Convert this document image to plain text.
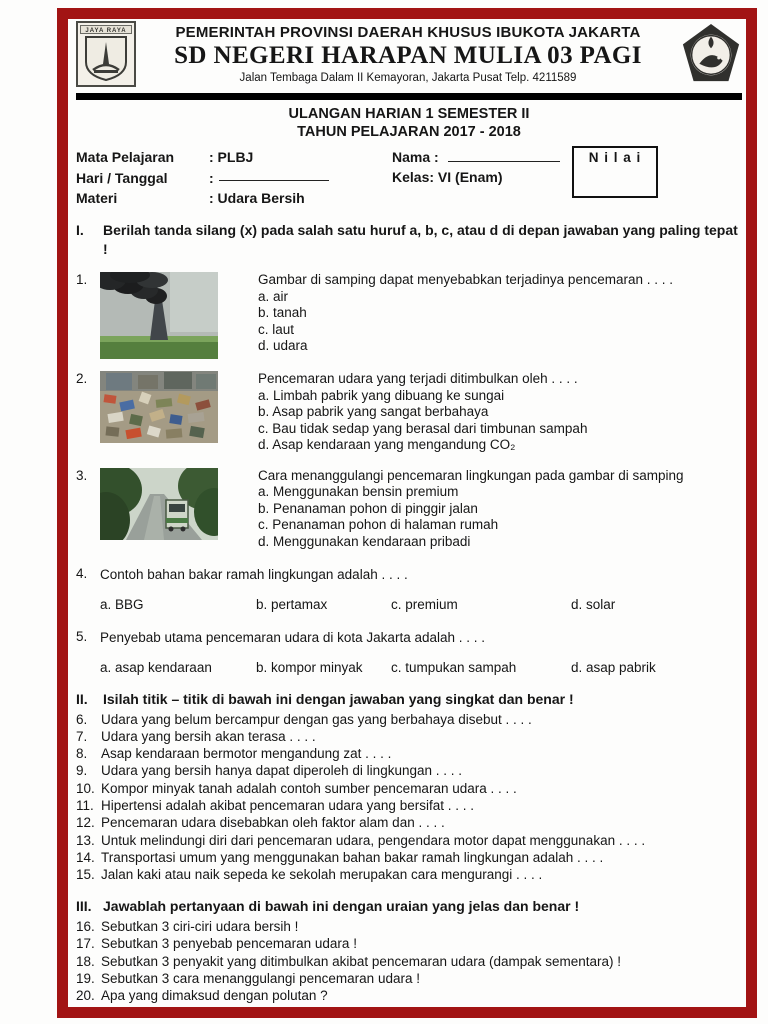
JAYA RAYA	PEMERINTAH PROVINSI DAERAH KHUSUS IBUKOTA JAKARTA
SD NEGERI HARAPAN MULIA 03 PAGI
Jalan Tembaga Dalam II Kemayoran, Jakarta Pusat Telp. 4211589
ULANGAN HARIAN 1 SEMESTER II
TAHUN PELAJARAN 2017 - 2018
Mata Pelajaran	: PLBJ
Hari / Tanggal	:
Materi	: Udara Bersih
Nama :
Kelas: VI (Enam)
N i l a i
I.	Berilah tanda silang (x) pada salah satu huruf a, b, c, atau d di depan jawaban yang paling tepat !
1.	Gambar di samping dapat menyebabkan terjadinya pencemaran . . . .
a. air
b. tanah
c. laut
d. udara
2.	Pencemaran udara yang terjadi ditimbulkan oleh . . . .
a. Limbah pabrik yang dibuang ke sungai
b. Asap pabrik yang sangat berbahaya
c. Bau tidak sedap yang berasal dari timbunan sampah
d. Asap kendaraan yang mengandung CO₂
3.	Cara menanggulangi pencemaran lingkungan pada gambar di samping
a. Menggunakan bensin premium
b. Penanaman pohon di pinggir jalan
c. Penanaman pohon di halaman rumah
d. Menggunakan kendaraan pribadi
4. Contoh bahan bakar ramah lingkungan adalah . . . .
a. BBG	b. pertamax	c. premium	d. solar
5. Penyebab utama pencemaran udara di kota Jakarta adalah . . . .
a. asap kendaraan	b. kompor minyak	c. tumpukan sampah	d. asap pabrik
II.	Isilah titik – titik di bawah ini dengan jawaban yang singkat dan benar !
6.	Udara yang belum bercampur dengan gas yang berbahaya disebut . . . .
7.	Udara yang bersih akan terasa . . . .
8.	Asap kendaraan bermotor mengandung zat . . . .
9.	Udara yang bersih hanya dapat diperoleh di lingkungan . . . .
10. Kompor minyak tanah adalah contoh sumber pencemaran udara . . . .
11. Hipertensi adalah akibat pencemaran udara yang bersifat . . . .
12. Pencemaran udara disebabkan oleh faktor alam dan . . . .
13. Untuk melindungi diri dari pencemaran udara, pengendara motor dapat menggunakan . . . .
14. Transportasi umum yang menggunakan bahan bakar ramah lingkungan adalah . . . .
15. Jalan kaki atau naik sepeda ke sekolah merupakan cara mengurangi . . . .
III. Jawablah pertanyaan di bawah ini dengan uraian yang jelas dan benar !
16. Sebutkan 3 ciri-ciri udara bersih !
17. Sebutkan 3 penyebab pencemaran udara !
18. Sebutkan 3 penyakit yang ditimbulkan akibat pencemaran udara (dampak sementara) !
19. Sebutkan 3 cara menanggulangi pencemaran udara !
20. Apa yang dimaksud dengan polutan ?
